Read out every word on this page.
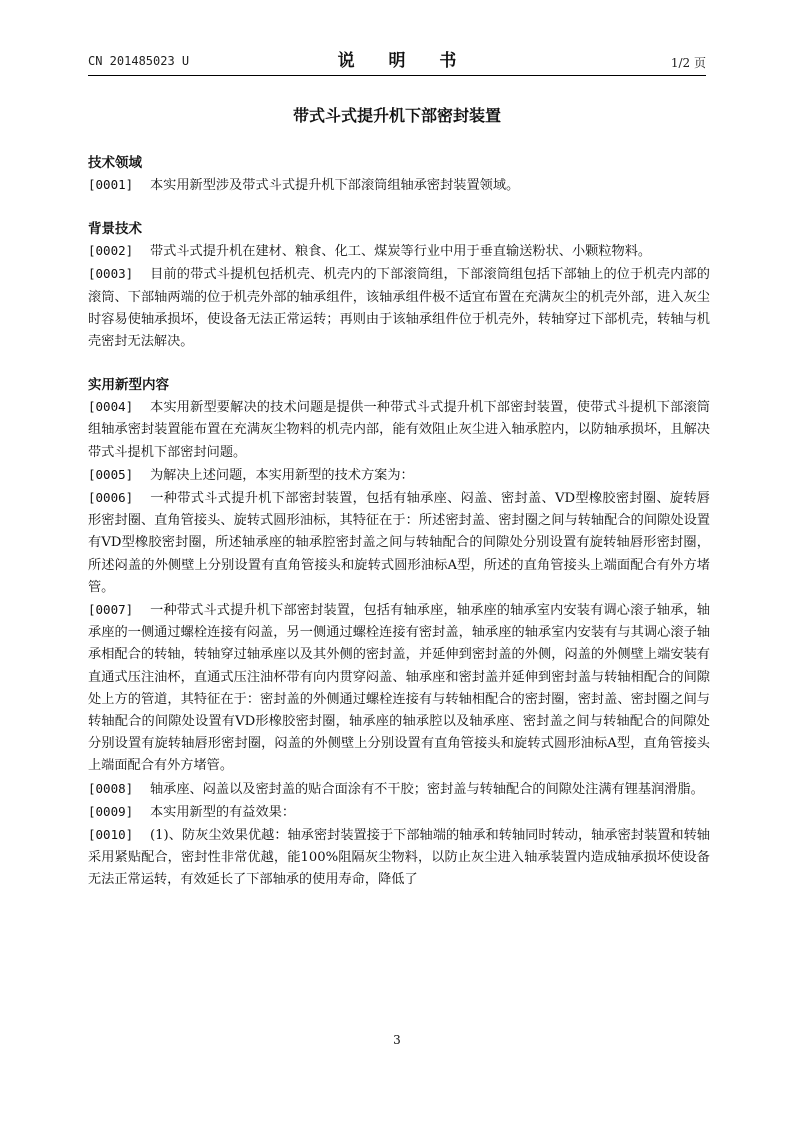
CN 201485023 U	说 明 书	1/2 页
带式斗式提升机下部密封装置
技术领域

[0001] 本实用新型涉及带式斗式提升机下部滚筒组轴承密封装置领域。

背景技术

[0002] 带式斗式提升机在建材、粮食、化工、煤炭等行业中用于垂直输送粉状、小颗粒物料。

[0003] 目前的带式斗提机包括机壳、机壳内的下部滚筒组，下部滚筒组包括下部轴上的位于机壳内部的滚筒、下部轴两端的位于机壳外部的轴承组件，该轴承组件极不适宜布置在充满灰尘的机壳外部，进入灰尘时容易使轴承损坏，使设备无法正常运转；再则由于该轴承组件位于机壳外，转轴穿过下部机壳，转轴与机壳密封无法解决。

实用新型内容

[0004] 本实用新型要解决的技术问题是提供一种带式斗式提升机下部密封装置，使带式斗提机下部滚筒组轴承密封装置能布置在充满灰尘物料的机壳内部，能有效阻止灰尘进入轴承腔内，以防轴承损坏，且解决带式斗提机下部密封问题。

[0005] 为解决上述问题，本实用新型的技术方案为：

[0006] 一种带式斗式提升机下部密封装置，包括有轴承座、闷盖、密封盖、VD型橡胶密封圈、旋转唇形密封圈、直角管接头、旋转式圆形油标，其特征在于：所述密封盖、密封圈之间与转轴配合的间隙处设置有VD型橡胶密封圈，所述轴承座的轴承腔密封盖之间与转轴配合的间隙处分别设置有旋转轴唇形密封圈，所述闷盖的外侧壁上分别设置有直角管接头和旋转式圆形油标A型，所述的直角管接头上端面配合有外方堵管。

[0007] 一种带式斗式提升机下部密封装置，包括有轴承座，轴承座的轴承室内安装有调心滚子轴承，轴承座的一侧通过螺栓连接有闷盖，另一侧通过螺栓连接有密封盖，轴承座的轴承室内安装有与其调心滚子轴承相配合的转轴，转轴穿过轴承座以及其外侧的密封盖，并延伸到密封盖的外侧，闷盖的外侧壁上端安装有直通式压注油杯，直通式压注油杯带有向内贯穿闷盖、轴承座和密封盖并延伸到密封盖与转轴相配合的间隙处上方的管道，其特征在于：密封盖的外侧通过螺栓连接有与转轴相配合的密封圈，密封盖、密封圈之间与转轴配合的间隙处设置有VD形橡胶密封圈，轴承座的轴承腔以及轴承座、密封盖之间与转轴配合的间隙处分别设置有旋转轴唇形密封圈，闷盖的外侧壁上分别设置有直角管接头和旋转式圆形油标A型，直角管接头上端面配合有外方堵管。

[0008] 轴承座、闷盖以及密封盖的贴合面涂有不干胶；密封盖与转轴配合的间隙处注满有锂基润滑脂。

[0009] 本实用新型的有益效果：

[0010] (1)、防灰尘效果优越：轴承密封装置接于下部轴端的轴承和转轴同时转动，轴承密封装置和转轴采用紧贴配合，密封性非常优越，能100%阻隔灰尘物料，以防止灰尘进入轴承装置内造成轴承损坏使设备无法正常运转，有效延长了下部轴承的使用寿命，降低了

3
